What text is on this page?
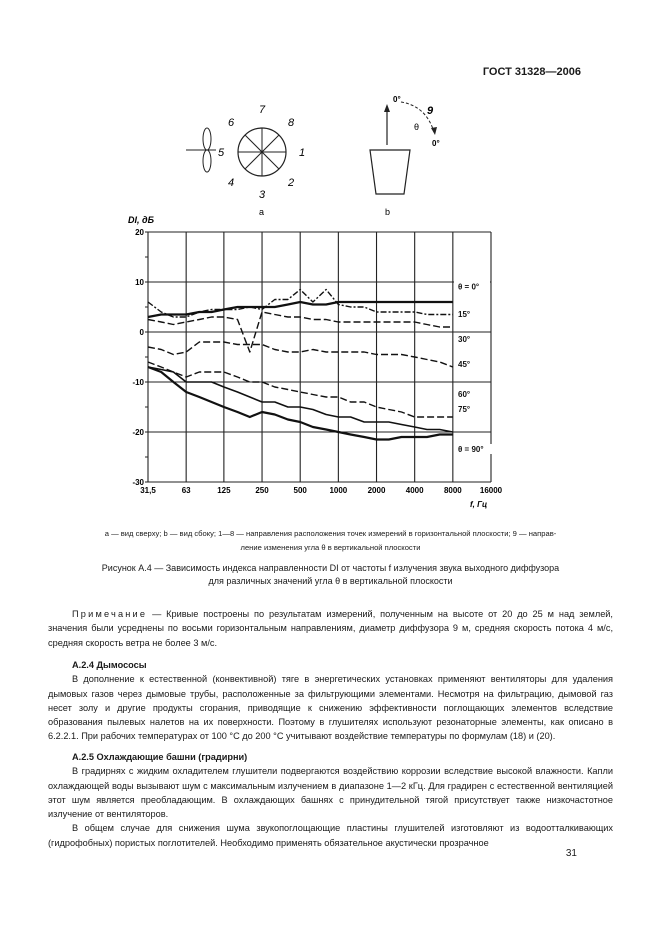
ГОСТ 31328—2006
1
2
3
4
5
6
7
8
а
0°
9
θ
0°
b
DI, дБ
f, Гц
20
10
0
-10
-20
-30
31,5	63	125	250	500	1000	2000	4000	8000 16000
θ = 0°
15°
30°
45°
60°
75°
θ = 90°
а — вид сверху; b — вид сбоку; 1—8 — направления расположения точек измерений в горизонтальной плоскости; 9 — направ-
ление изменения угла θ в вертикальной плоскости
Рисунок А.4 — Зависимость индекса направленности DI от частоты f излучения звука выходного диффузора
для различных значений угла θ в вертикальной плоскости

Примечание — Кривые построены по результатам измерений, полученным на высоте от 20 до 25 м над землей, значения были усреднены по восьми горизонтальным направлениям, диаметр диффузора 9 м, средняя скорость потока 4 м/с, средняя скорость ветра не более 3 м/с.

А.2.4 Дымососы

В дополнение к естественной (конвективной) тяге в энергетических установках применяют вентиляторы для удаления дымовых газов через дымовые трубы, расположенные за фильтрующими элементами. Несмотря на фильтрацию, дымовой газ несет золу и другие продукты сгорания, приводящие к снижению эффективности поглощающих элементов вследствие образования пылевых налетов на их поверхности. Поэтому в глушителях используют резонаторные элементы, как описано в 6.2.2.1. При рабочих температурах от 100 °С до 200 °С учитывают воздействие температуры по формулам (18) и (20).

А.2.5 Охлаждающие башни (градирни)

В градирнях с жидким охладителем глушители подвергаются воздействию коррозии вследствие высокой влажности. Капли охлаждающей воды вызывают шум с максимальным излучением в диапазоне 1—2 кГц. Для градирен с естественной вентиляцией этот шум является преобладающим. В охлаждающих башнях с принудительной тягой присутствует также низкочастотное излучение от вентиляторов.

В общем случае для снижения шума звукопоглощающие пластины глушителей изготовляют из водоотталкивающих (гидрофобных) пористых поглотителей. Необходимо применять обязательное акустически прозрачное

31
